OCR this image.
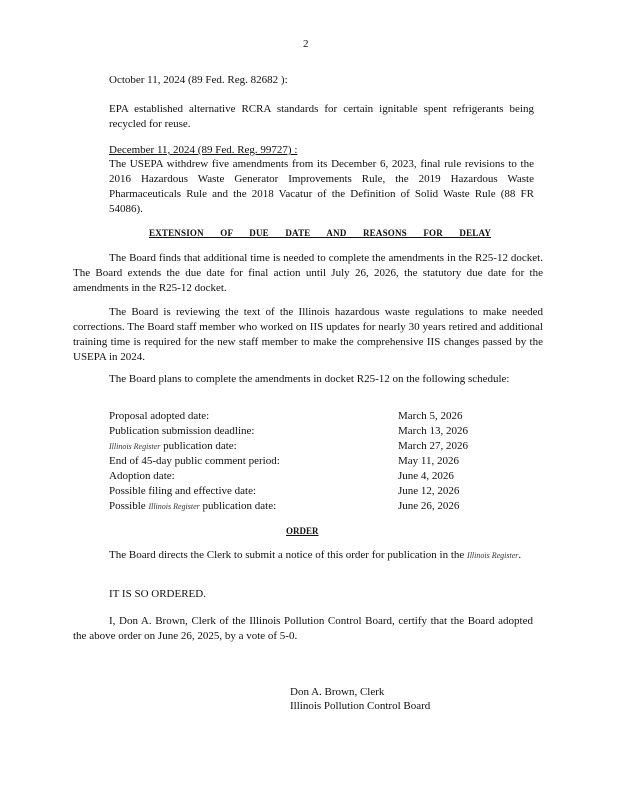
2
October 11, 2024 (89 Fed. Reg. 82682 ):
EPA established alternative RCRA standards for certain ignitable spent refrigerants being recycled for reuse.
December 11, 2024 (89 Fed. Reg. 99727) :
The USEPA withdrew five amendments from its December 6, 2023, final rule revisions to the 2016 Hazardous Waste Generator Improvements Rule, the 2019 Hazardous Waste Pharmaceuticals Rule and the 2018 Vacatur of the Definition of Solid Waste Rule (88 FR 54086).
EXTENSION OF DUE DATE AND REASONS FOR DELAY
The Board finds that additional time is needed to complete the amendments in the R25-12 docket. The Board extends the due date for final action until July 26, 2026, the statutory due date for the amendments in the R25-12 docket.
The Board is reviewing the text of the Illinois hazardous waste regulations to make needed corrections. The Board staff member who worked on IIS updates for nearly 30 years retired and additional training time is required for the new staff member to make the comprehensive IIS changes passed by the USEPA in 2024.
The Board plans to complete the amendments in docket R25-12 on the following schedule:
Proposal adopted date:	March 5, 2026
Publication submission deadline:	March 13, 2026
Illinois Register publication date:	March 27, 2026
End of 45-day public comment period:	May 11, 2026
Adoption date:	June 4, 2026
Possible filing and effective date:	June 12, 2026
Possible Illinois Register publication date:	June 26, 2026
ORDER
The Board directs the Clerk to submit a notice of this order for publication in the Illinois Register.
IT IS SO ORDERED.
I, Don A. Brown, Clerk of the Illinois Pollution Control Board, certify that the Board adopted the above order on June 26, 2025, by a vote of 5-0.
Don A. Brown, Clerk
Illinois Pollution Control Board
